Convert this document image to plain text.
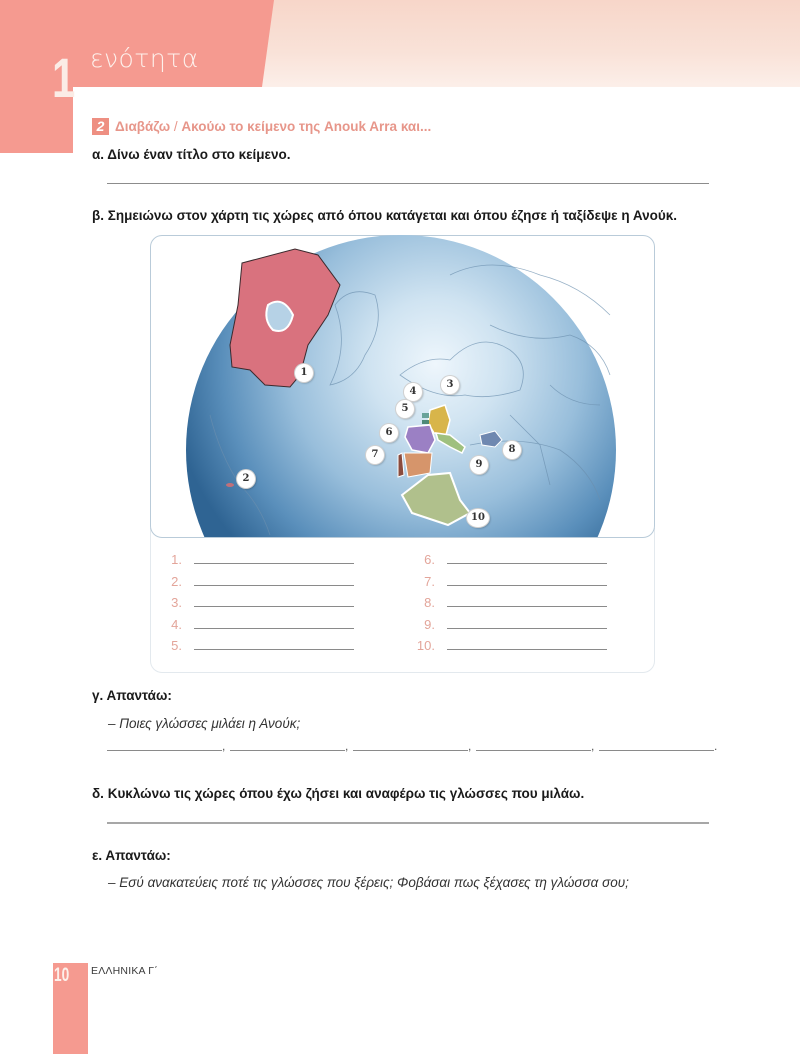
1 ενότητα
2 Διαβάζω / Ακούω το κείμενο της Anouk Arra και...
α. Δίνω έναν τίτλο στο κείμενο.
β. Σημειώνω στον χάρτη τις χώρες από όπου κατάγεται και όπου έζησε ή ταξίδεψε η Ανούκ.
1
2
3
4
5
6
7	8
9
10
1.
2.
3.
4.
5.
6.
7.
8.
9.
10.
γ. Απαντάω:
– Ποιες γλώσσες μιλάει η Ανούκ;
,	,	,	,	.
δ. Κυκλώνω τις χώρες όπου έχω ζήσει και αναφέρω τις γλώσσες που μιλάω.
ε. Απαντάω:
– Εσύ ανακατεύεις ποτέ τις γλώσσες που ξέρεις; Φοβάσαι πως ξέχασες τη γλώσσα σου;
10 ΕΛΛΗΝΙΚΑ Γ΄
